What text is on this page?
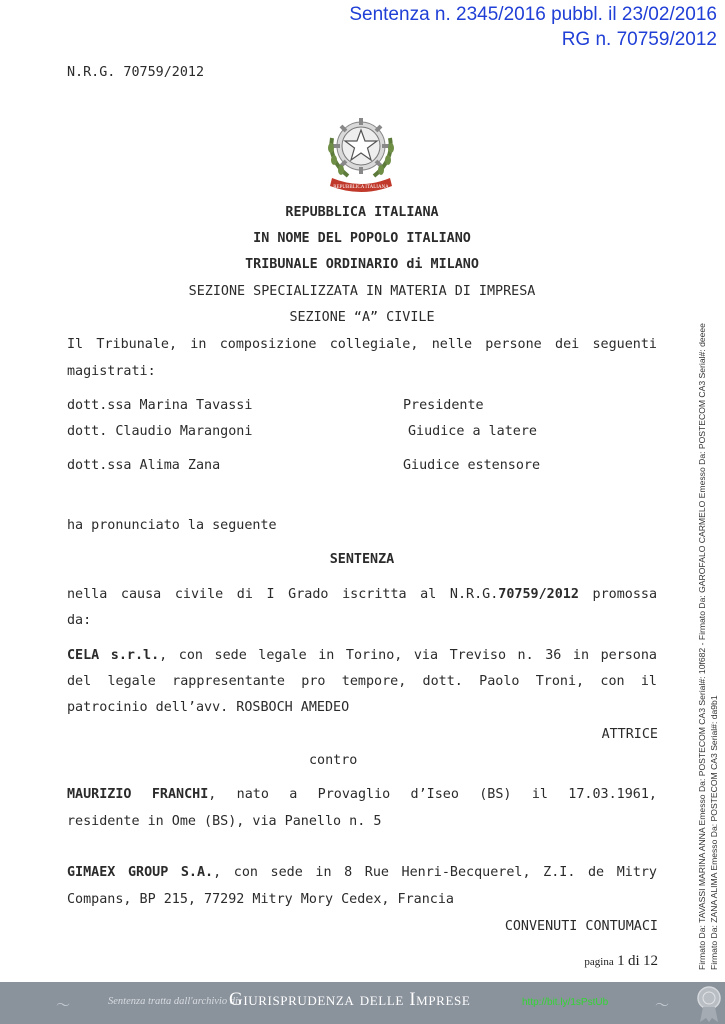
Sentenza n. 2345/2016 pubbl. il 23/02/2016
RG n. 70759/2012
N.R.G. 70759/2012
REPUBBLICA ITALIANA
REPUBBLICA ITALIANA
IN NOME DEL POPOLO ITALIANO
TRIBUNALE ORDINARIO di MILANO
SEZIONE SPECIALIZZATA IN MATERIA DI IMPRESA
SEZIONE “A” CIVILE
Il Tribunale, in composizione collegiale, nelle persone dei seguenti
magistrati:
dott.ssa Marina Tavassi	Presidente
dott. Claudio Marangoni	Giudice a latere
dott.ssa Alima Zana	Giudice estensore
ha pronunciato la seguente
SENTENZA
nella causa civile di I Grado iscritta al N.R.G.70759/2012 promossa
da:
CELA s.r.l., con sede legale in Torino, via Treviso n. 36 in persona
del legale rappresentante pro tempore, dott. Paolo Troni, con il
patrocinio dell’avv. ROSBOCH AMEDEO
ATTRICE
contro
MAURIZIO FRANCHI, nato a Provaglio d’Iseo (BS) il 17.03.1961,
residente in Ome (BS), via Panello n. 5
GIMAEX GROUP S.A., con sede in 8 Rue Henri-Becquerel, Z.I. de Mitry
Compans, BP 215, 77292 Mitry Mory Cedex, Francia
CONVENUTI CONTUMACI
pagina 1 di 12	Firmato Da: TAVASSI MARINA ANNA Emesso Da: POSTECOM CA3 Serial#: 10f682 - Firmato Da: GAROFALO CARMELO Emesso Da: POSTECOM CA3 Serial#: deeee Firmato Da: ZANA ALIMA Emesso Da: POSTECOM CA3 Serial#: da9b1
〜	Sentenza tratta dall'archivio di
Giurisprudenza delle Imprese	http://bit.ly/1sPstUb	〜
